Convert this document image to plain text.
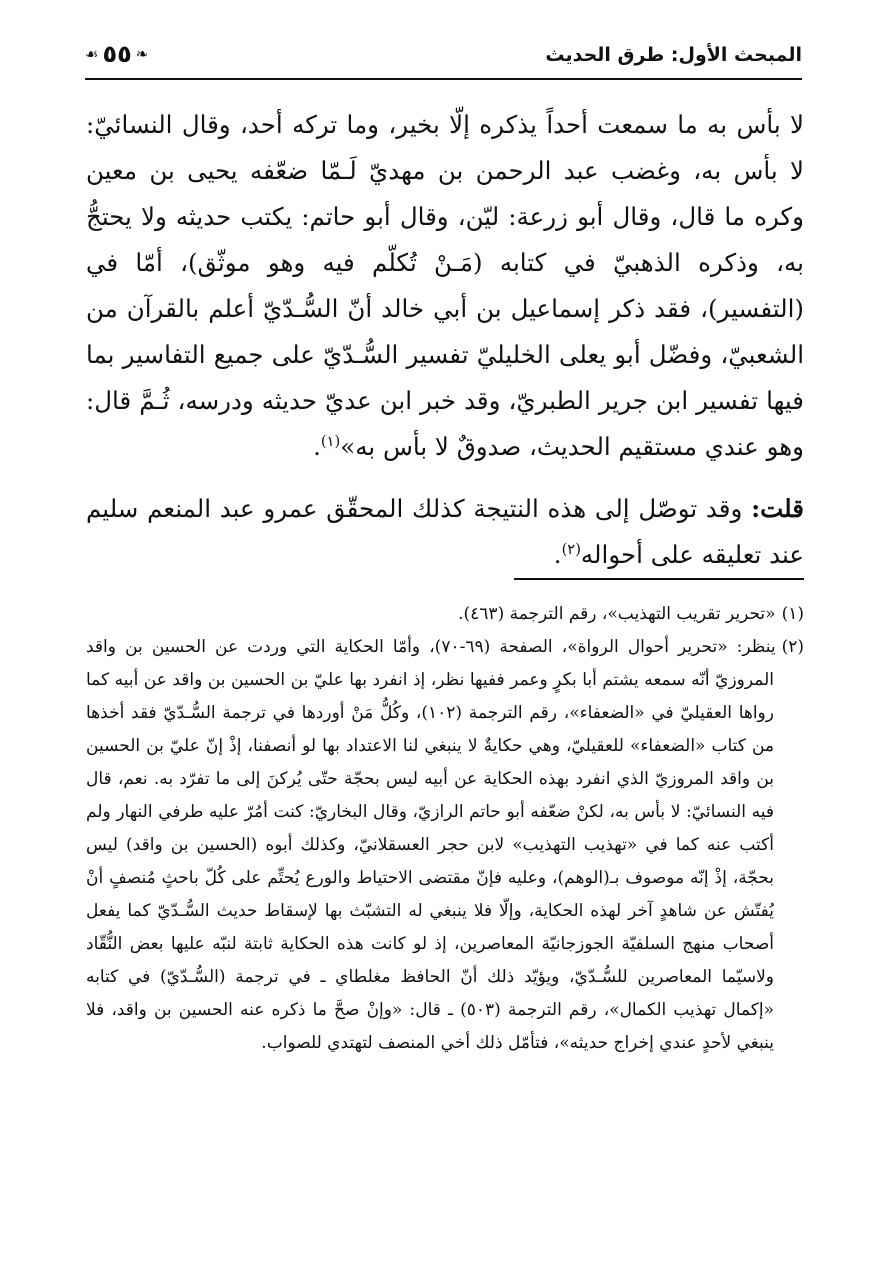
المبحث الأول: طرق الحديث
❧
٥٥
☙

لا بأس به ما سمعت أحداً يذكره إلّا بخير، وما تركه أحد، وقال النسائيّ: لا بأس به، وغضب عبد الرحمن بن مهديّ لَـمّا ضعّفه يحيى بن معين وكره ما قال، وقال أبو زرعة: ليّن، وقال أبو حاتم: يكتب حديثه ولا يحتجُّ به، وذكره الذهبيّ في كتابه (مَـنْ تُكلّم فيه وهو موثّق)، أمّا في (التفسير)، فقد ذكر إسماعيل بن أبي خالد أنّ السُّـدّيّ أعلم بالقرآن من الشعبيّ، وفضّل أبو يعلى الخليليّ تفسير السُّـدّيّ على جميع التفاسير بما فيها تفسير ابن جرير الطبريّ، وقد خبر ابن عديّ حديثه ودرسه، ثُـمَّ قال: وهو عندي مستقيم الحديث، صدوقٌ لا بأس به»$^{(١)}$.

قلت: وقد توصّل إلى هذه النتيجة كذلك المحقّق عمرو عبد المنعم سليم عند تعليقه على أحواله$^{(٢)}$.

(١)«تحرير تقريب التهذيب»، رقم الترجمة (٤٦٣).

(٢)ينظر: «تحرير أحوال الرواة»، الصفحة (٦٩-٧٠)، وأمّا الحكاية التي وردت عن الحسين بن واقد المروزيّ أنّه سمعه يشتم أبا بكرٍ وعمر ففيها نظر، إذ انفرد بها عليّ بن الحسين بن واقد عن أبيه كما رواها العقيليّ في «الضعفاء»، رقم الترجمة (١٠٢)، وكُلُّ مَنْ أوردها في ترجمة السُّـدّيّ فقد أخذها من كتاب «الضعفاء» للعقيليّ، وهي حكايةٌ لا ينبغي لنا الاعتداد بها لو أنصفنا، إذْ إنّ عليّ بن الحسين بن واقد المروزيّ الذي انفرد بهذه الحكاية عن أبيه ليس بحجّة حتّى يُركنَ إلى ما تفرّد به. نعم، قال فيه النسائيّ: لا بأس به، لكنْ ضعّفه أبو حاتم الرازيّ، وقال البخاريّ: كنت أمُرّ عليه طرفي النهار ولم أكتب عنه كما في «تهذيب التهذيب» لابن حجر العسقلانيّ، وكذلك أبوه (الحسين بن واقد) ليس بحجّة، إذْ إنّه موصوف بـ(الوهم)، وعليه فإنّ مقتضى الاحتياط والورع يُحتِّم على كُلّ باحثٍ مُنصفٍ أنْ يُفتّش عن شاهدٍ آخر لهذه الحكاية، وإلّا فلا ينبغي له التشبّث بها لإسقاط حديث السُّـدّيّ كما يفعل أصحاب منهج السلفيّة الجوزجانيّة المعاصرين، إذ لو كانت هذه الحكاية ثابتة لنبّه عليها بعض النُّقّاد ولاسيّما المعاصرين للسُّـدّيّ، ويؤيّد ذلك أنّ الحافظ مغلطاي ـ في ترجمة (السُّـدّيّ) في كتابه «إكمال تهذيب الكمال»، رقم الترجمة (٥٠٣) ـ قال: «وإنْ صحَّ ما ذكره عنه الحسين بن واقد، فلا ينبغي لأحدٍ عندي إخراج حديثه»، فتأمّل ذلك أخي المنصف لتهتدي للصواب.
